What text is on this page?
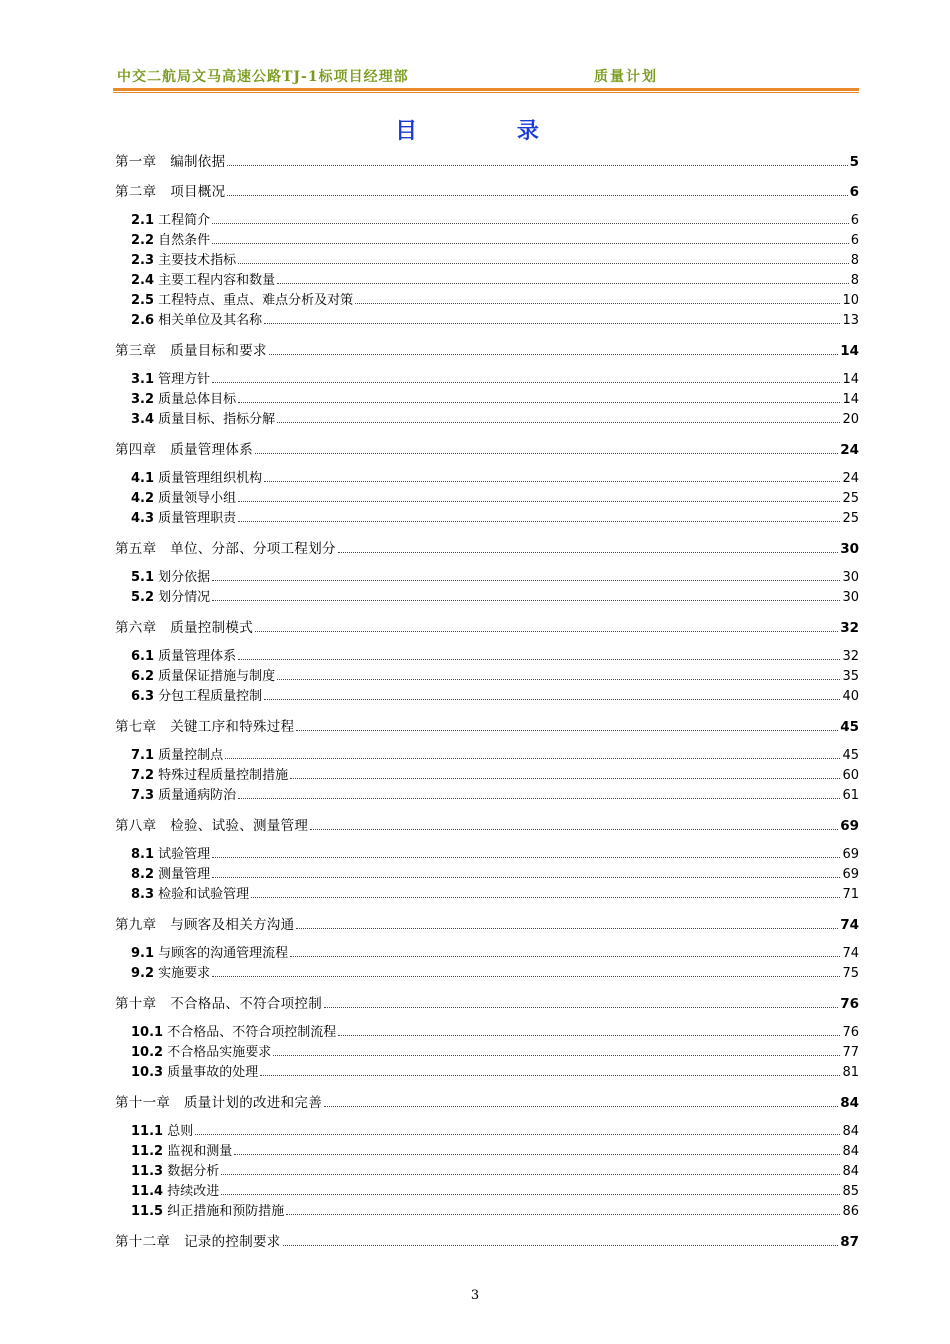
中交二航局文马高速公路TJ-1标项目经理部	质量计划
目 录
第一章　编制依据	5
第二章　项目概况	6
2.1 工程简介	6
2.2 自然条件	6
2.3 主要技术指标	8
2.4 主要工程内容和数量	8
2.5 工程特点、重点、难点分析及对策	10
2.6 相关单位及其名称	13
第三章　质量目标和要求	14
3.1 管理方针	14
3.2 质量总体目标	14
3.4 质量目标、指标分解	20
第四章　质量管理体系	24
4.1 质量管理组织机构	24
4.2 质量领导小组	25
4.3 质量管理职责	25
第五章　单位、分部、分项工程划分	30
5.1 划分依据	30
5.2 划分情况	30
第六章　质量控制模式	32
6.1 质量管理体系	32
6.2 质量保证措施与制度	35
6.3 分包工程质量控制	40
第七章　关键工序和特殊过程	45
7.1 质量控制点	45
7.2 特殊过程质量控制措施	60
7.3 质量通病防治	61
第八章　检验、试验、测量管理	69
8.1 试验管理	69
8.2 测量管理	69
8.3 检验和试验管理	71
第九章　与顾客及相关方沟通	74
9.1 与顾客的沟通管理流程	74
9.2 实施要求	75
第十章　不合格品、不符合项控制	76
10.1 不合格品、不符合项控制流程	76
10.2 不合格品实施要求	77
10.3 质量事故的处理	81
第十一章　质量计划的改进和完善	84
11.1 总则	84
11.2 监视和测量	84
11.3 数据分析	84
11.4 持续改进	85
11.5 纠正措施和预防措施	86
第十二章　记录的控制要求	87
3
